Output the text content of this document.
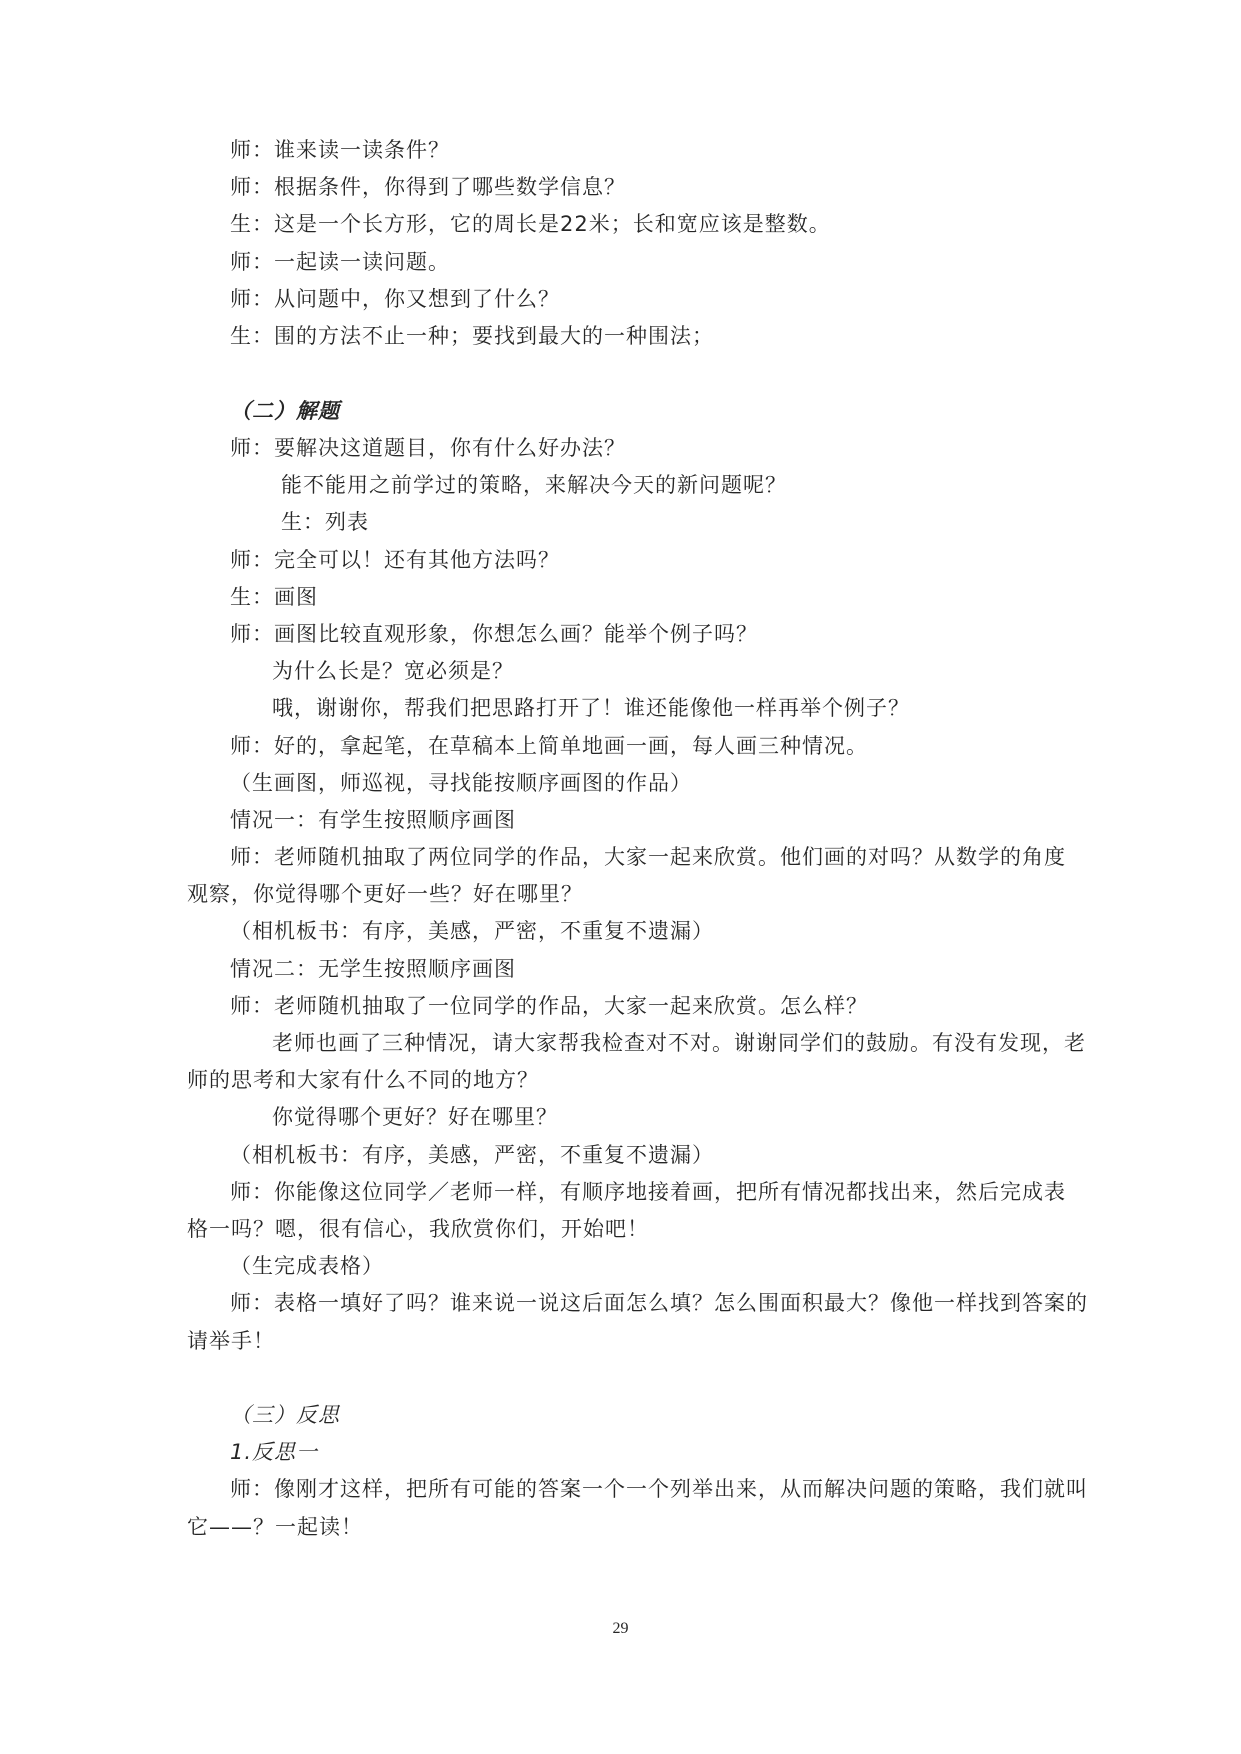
师：谁来读一读条件？
师：根据条件，你得到了哪些数学信息？
生：这是一个长方形，它的周长是22米；长和宽应该是整数。
师：一起读一读问题。
师：从问题中，你又想到了什么？
生：围的方法不止一种；要找到最大的一种围法；
（二）解题
师：要解决这道题目，你有什么好办法？
能不能用之前学过的策略，来解决今天的新问题呢？
生：列表
师：完全可以！还有其他方法吗？
生：画图
师：画图比较直观形象，你想怎么画？能举个例子吗？
为什么长是？宽必须是？
哦，谢谢你，帮我们把思路打开了！谁还能像他一样再举个例子？
师：好的，拿起笔，在草稿本上简单地画一画，每人画三种情况。
（生画图，师巡视，寻找能按顺序画图的作品）
情况一：有学生按照顺序画图
师：老师随机抽取了两位同学的作品，大家一起来欣赏。他们画的对吗？从数学的角度
观察，你觉得哪个更好一些？好在哪里？
（相机板书：有序，美感，严密，不重复不遗漏）
情况二：无学生按照顺序画图
师：老师随机抽取了一位同学的作品，大家一起来欣赏。怎么样？
老师也画了三种情况，请大家帮我检查对不对。谢谢同学们的鼓励。有没有发现，老
师的思考和大家有什么不同的地方？
你觉得哪个更好？好在哪里？
（相机板书：有序，美感，严密，不重复不遗漏）
师：你能像这位同学／老师一样，有顺序地接着画，把所有情况都找出来，然后完成表
格一吗？嗯，很有信心，我欣赏你们，开始吧！
（生完成表格）
师：表格一填好了吗？谁来说一说这后面怎么填？怎么围面积最大？像他一样找到答案的
请举手！
（三）反思
1.反思一
师：像刚才这样，把所有可能的答案一个一个列举出来，从而解决问题的策略，我们就叫
它——？一起读！
29
